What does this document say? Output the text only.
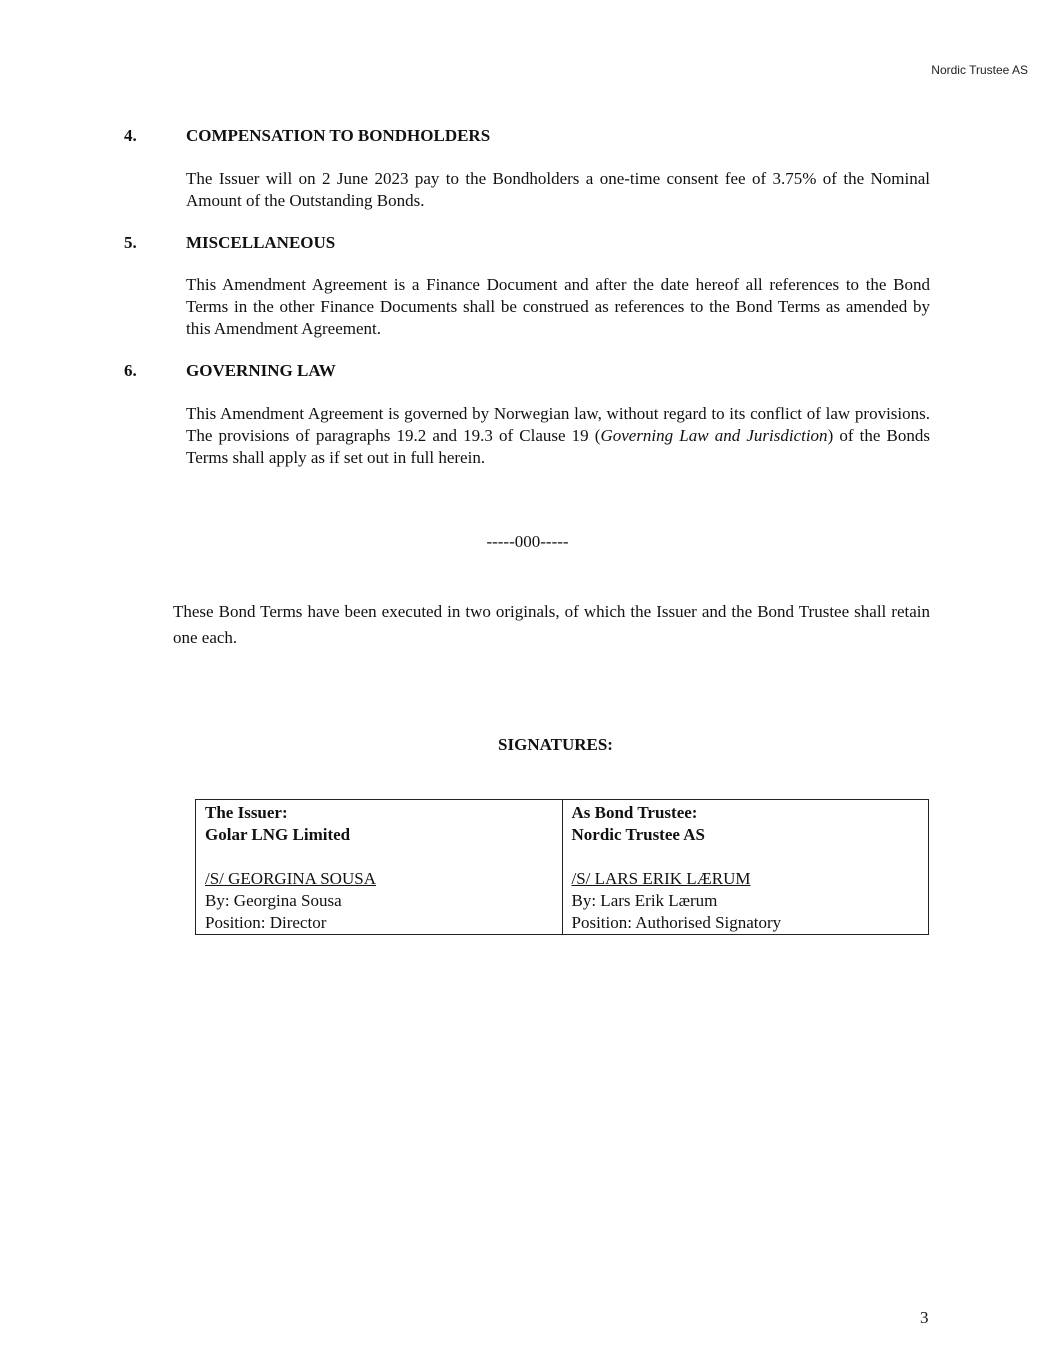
Nordic Trustee AS
4.	COMPENSATION TO BONDHOLDERS
The Issuer will on 2 June 2023 pay to the Bondholders a one-time consent fee of 3.75% of the Nominal Amount of the Outstanding Bonds.
5.	MISCELLANEOUS
This Amendment Agreement is a Finance Document and after the date hereof all references to the Bond Terms in the other Finance Documents shall be construed as references to the Bond Terms as amended by this Amendment Agreement.
6.	GOVERNING LAW
This Amendment Agreement is governed by Norwegian law, without regard to its conflict of law provisions. The provisions of paragraphs 19.2 and 19.3 of Clause 19 (Governing Law and Jurisdiction) of the Bonds Terms shall apply as if set out in full herein.
-----000-----
These Bond Terms have been executed in two originals, of which the Issuer and the Bond Trustee shall retain one each.
SIGNATURES:
The Issuer:
Golar LNG Limited
/S/ GEORGINA SOUSA
By: Georgina Sousa
Position: Director

As Bond Trustee:
Nordic Trustee AS
/S/ LARS ERIK LÆRUM
By: Lars Erik Lærum
Position: Authorised Signatory
3
